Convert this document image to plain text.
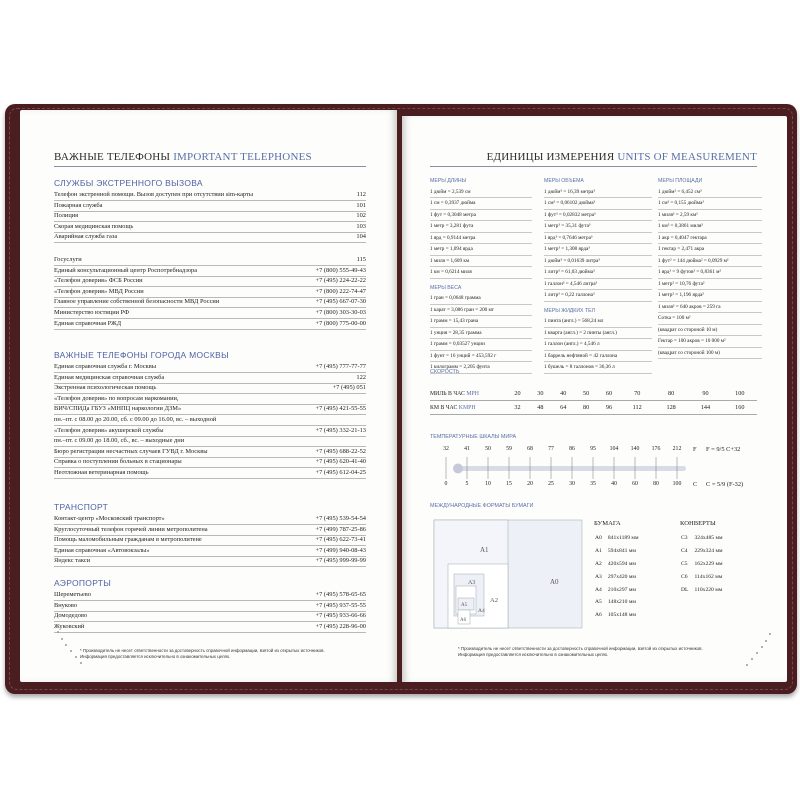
ВАЖНЫЕ ТЕЛЕФОНЫ IMPORTANT TELEPHONES
СЛУЖБЫ ЭКСТРЕННОГО ВЫЗОВА
Телефон экстренной помощи. Вызов доступен при отсутствии sim-карты	112
Пожарная служба	101
Полиция	102
Скорая медицинская помощь	103
Аварийная служба газа	104
Госуслуги	115
Единый консультационный центр Роспотребнадзора	+7 (800) 555-49-43
«Телефон доверия» ФСБ России	+7 (495) 224-22-22
«Телефон доверия» МВД России	+7 (800) 222-74-47
Главное управление собственной безопасности МВД России	+7 (495) 667-07-30
Министерство юстиции РФ	+7 (800) 303-30-03
Единая справочная РЖД	+7 (800) 775-00-00
ВАЖНЫЕ ТЕЛЕФОНЫ ГОРОДА МОСКВЫ
Единая справочная служба г. Москвы	+7 (495) 777-77-77
Единая медицинская справочная служба	122
Экстренная психологическая помощь	+7 (495) 051
«Телефон доверия» по вопросам наркомании,
ВИЧ/СПИДа ГБУЗ «МНПЦ наркологии ДЗМ»	+7 (495) 421-55-55
пн.–пт. с 08.00 до 20.00, сб. с 09.00 до 16.00, вс. – выходной
«Телефон доверия» акушерской службы	+7 (495) 332-21-13
пн.–пт. с 09.00 до 18.00, сб., вс. – выходные дни
Бюро регистрации несчастных случаев ГУВД г. Москвы	+7 (495) 688-22-52
Справка о поступлении больных в стационары	+7 (495) 620-41-40
Неотложная ветеринарная помощь	+7 (495) 612-04-25
ТРАНСПОРТ
Контакт-центр «Московский транспорт»	+7 (495) 539-54-54
Круглосуточный телефон горячей линии метрополитена	+7 (499) 787-25-86
Помощь маломобильным гражданам в метрополитене	+7 (495) 622-73-41
Единая справочная «Автовокзалы»	+7 (499) 940-08-43
Яндекс такси	+7 (495) 999-99-99
АЭРОПОРТЫ
Шереметьево	+7 (495) 578-65-65
Внуково	+7 (495) 937-55-55
Домодедово	+7 (495) 933-66-66
Жуковский	+7 (495) 228-96-00
* Производитель не несет ответственности за достоверность справочной информации, взятой из открытых источников. Информация предоставляется исключительно в ознакомительных целях.
ЕДИНИЦЫ ИЗМЕРЕНИЯ UNITS OF MEASUREMENT
МЕРЫ ДЛИНЫ
1 дюйм = 2,539 см
1 см = 0,3937 дюйма
1 фут = 0,3048 метра
1 метр = 3,281 фута
1 ярд = 0,9144 метра
1 метр = 1,094 ярда
1 миля = 1,609 км
1 км = 0,6214 миля
МЕРЫ ВЕСА
1 гран = 0,0648 грамма
1 карат = 3,086 гран = 200 мг
1 грамм = 15,43 грана
1 унция = 28,35 грамма
1 грамм = 0,03527 унции
1 фунт = 16 унций = 453,592 г
1 килограмм = 2,205 фунта
МЕРЫ ОБЪЕМА
1 дюйм³ = 16,39 метра³
1 см³ = 0,06102 дюйма³
1 фут³ = 0,02832 метра³
1 метр³ = 35,31 фута³
1 ярд³ = 0,7646 метра³
1 метр³ = 1,308 ярда³
1 дюйм³ = 0,01639 литра³
1 литр³ = 61,03 дюйма³
1 галлон³ = 4,546 литра³
1 литр³ = 0,22 галлона³
МЕРЫ ЖИДКИХ ТЕЛ
1 пинта (англ.) = 568,24 мл
1 кварта (англ.) = 2 пинты (англ.)
1 галлон (англ.) = 4,546 л
1 баррель нефтяной = 42 галлона
1 бушель = 8 галлонов = 36,36 л
МЕРЫ ПЛОЩАДИ
1 дюйм² = 6,452 см²
1 см² = 0,155 дюйма²
1 миля² = 2,59 км²
1 км² = 0,3861 миля²
1 акр = 0,4047 гектара
1 гектар = 2,471 акра
1 фут² = 144 дюйма² = 0,0929 м²
1 ярд² = 9 футов² = 0,8361 м²
1 метр² = 10,76 фута²
1 метр² = 1,196 ярда²
1 миля² = 640 акров = 259 га
Сотка = 100 м²
(квадрат со стороной 10 м)
Гектар = 100 акров = 10 000 м²
(квадрат со стороной 100 м)
СКОРОСТЬ
МИЛЬ В ЧАС MPH	20	30	40	50	60	70	80	90	100
КМ В ЧАС KMPH	32	48	64	80	96	112	128	144	160
ТЕМПЕРАТУРНЫЕ ШКАЛЫ МИРА
32
0
41
5
50
10
59
15
68
20
77
25
86
30
95
35
104
40
140
60
176
80
212
100
F
C
F = 9/5 C+32
C = 5/9 (F-32)
МЕЖДУНАРОДНЫЕ ФОРМАТЫ БУМАГИ
A0
A1
A2
A3
A4
A5
A6
БУМАГА	КОНВЕРТЫ
A0	841x1189 мм
A1	594x841 мм
A2	420x594 мм
A3	297x420 мм
A4	210x297 мм
A5	148x210 мм
A6	105x148 мм
C3	324x485 мм
C4	229x324 мм
C5	162x229 мм
C6	114x162 мм
DL	110x220 мм
* Производитель не несет ответственности за достоверность справочной информации, взятой из открытых источников. Информация предоставляется исключительно в ознакомительных целях.
